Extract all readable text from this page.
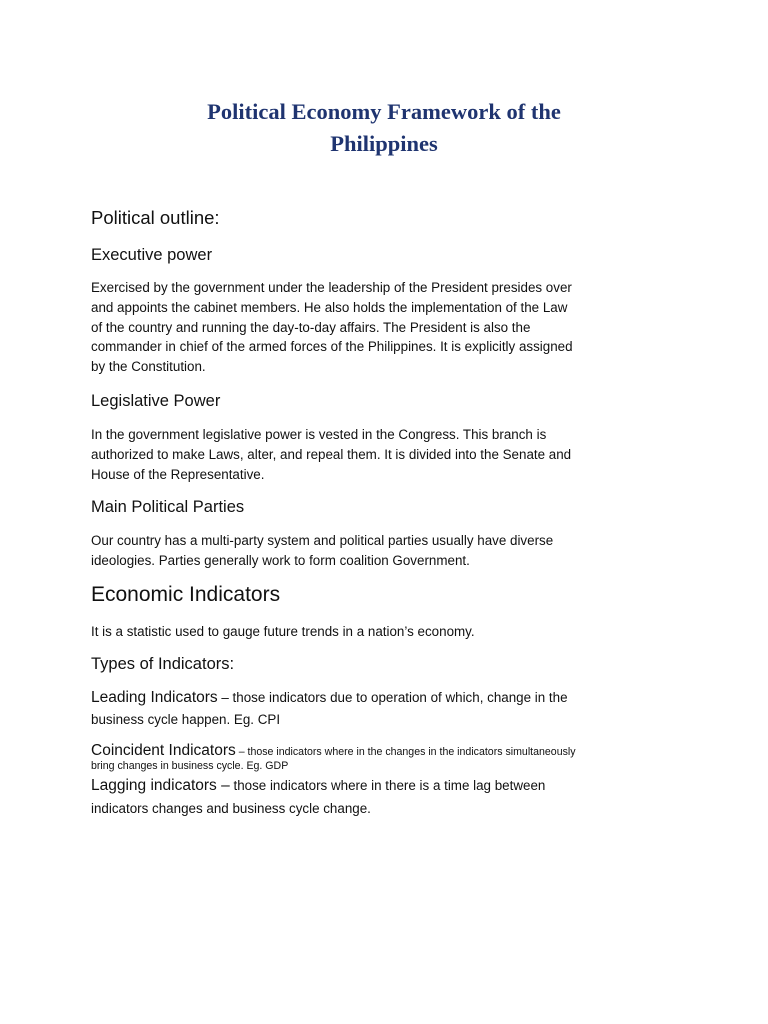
Political Economy Framework of the
Philippines
Political outline:
Executive power

Exercised by the government under the leadership of the President presides over
and appoints the cabinet members. He also holds the implementation of the Law
of the country and running the day-to-day affairs. The President is also the
commander in chief of the armed forces of the Philippines. It is explicitly assigned
by the Constitution.

Legislative Power

In the government legislative power is vested in the Congress. This branch is
authorized to make Laws, alter, and repeal them. It is divided into the Senate and
House of the Representative.

Main Political Parties

Our country has a multi-party system and political parties usually have diverse
ideologies. Parties generally work to form coalition Government.

Economic Indicators

It is a statistic used to gauge future trends in a nation’s economy.

Types of Indicators:
Leading Indicators – those indicators due to operation of which, change in the
business cycle happen. Eg. CPI
Coincident Indicators – those indicators where in the changes in the indicators simultaneously
bring changes in business cycle. Eg. GDP
Lagging indicators – those indicators where in there is a time lag between
indicators changes and business cycle change.
